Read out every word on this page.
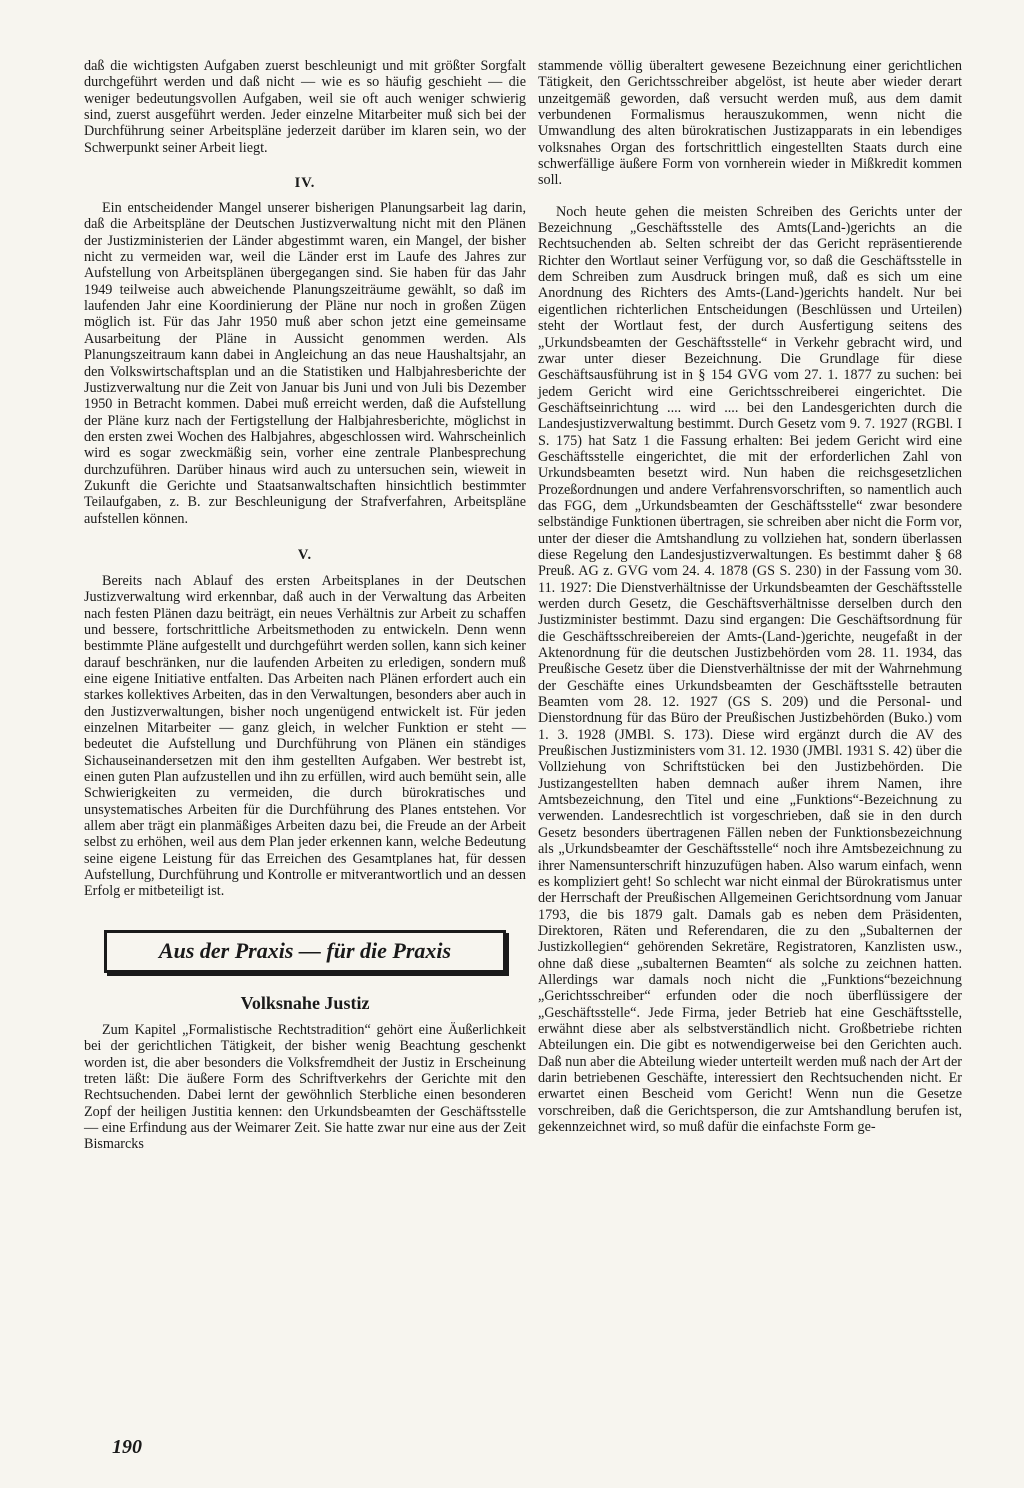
daß die wichtigsten Aufgaben zuerst beschleunigt und mit größter Sorgfalt durchgeführt werden und daß nicht — wie es so häufig geschieht — die weniger bedeutungsvollen Aufgaben, weil sie oft auch weniger schwierig sind, zuerst ausgeführt werden. Jeder einzelne Mitarbeiter muß sich bei der Durchführung seiner Arbeitspläne jederzeit darüber im klaren sein, wo der Schwerpunkt seiner Arbeit liegt.

IV.

Ein entscheidender Mangel unserer bisherigen Planungsarbeit lag darin, daß die Arbeitspläne der Deutschen Justizverwaltung nicht mit den Plänen der Justizministerien der Länder abgestimmt waren, ein Mangel, der bisher nicht zu vermeiden war, weil die Länder erst im Laufe des Jahres zur Aufstellung von Arbeitsplänen übergegangen sind. Sie haben für das Jahr 1949 teilweise auch abweichende Planungszeiträume gewählt, so daß im laufenden Jahr eine Koordinierung der Pläne nur noch in großen Zügen möglich ist. Für das Jahr 1950 muß aber schon jetzt eine gemeinsame Ausarbeitung der Pläne in Aussicht genommen werden. Als Planungszeitraum kann dabei in Angleichung an das neue Haushaltsjahr, an den Volkswirtschaftsplan und an die Statistiken und Halbjahresberichte der Justizverwaltung nur die Zeit von Januar bis Juni und von Juli bis Dezember 1950 in Betracht kommen. Dabei muß erreicht werden, daß die Aufstellung der Pläne kurz nach der Fertigstellung der Halbjahresberichte, möglichst in den ersten zwei Wochen des Halbjahres, abgeschlossen wird. Wahrscheinlich wird es sogar zweckmäßig sein, vorher eine zentrale Planbesprechung durchzuführen. Darüber hinaus wird auch zu untersuchen sein, wieweit in Zukunft die Gerichte und Staatsanwaltschaften hinsichtlich bestimmter Teilaufgaben, z. B. zur Beschleunigung der Strafverfahren, Arbeitspläne aufstellen können.

V.

Bereits nach Ablauf des ersten Arbeitsplanes in der Deutschen Justizverwaltung wird erkennbar, daß auch in der Verwaltung das Arbeiten nach festen Plänen dazu beiträgt, ein neues Verhältnis zur Arbeit zu schaffen und bessere, fortschrittliche Arbeitsmethoden zu entwickeln. Denn wenn bestimmte Pläne aufgestellt und durchgeführt werden sollen, kann sich keiner darauf beschränken, nur die laufenden Arbeiten zu erledigen, sondern muß eine eigene Initiative entfalten. Das Arbeiten nach Plänen erfordert auch ein starkes kollektives Arbeiten, das in den Verwaltungen, besonders aber auch in den Justizverwaltungen, bisher noch ungenügend entwickelt ist. Für jeden einzelnen Mitarbeiter — ganz gleich, in welcher Funktion er steht — bedeutet die Aufstellung und Durchführung von Plänen ein ständiges Sichauseinandersetzen mit den ihm gestellten Aufgaben. Wer bestrebt ist, einen guten Plan aufzustellen und ihn zu erfüllen, wird auch bemüht sein, alle Schwierigkeiten zu vermeiden, die durch bürokratisches und unsystematisches Arbeiten für die Durchführung des Planes entstehen. Vor allem aber trägt ein planmäßiges Arbeiten dazu bei, die Freude an der Arbeit selbst zu erhöhen, weil aus dem Plan jeder erkennen kann, welche Bedeutung seine eigene Leistung für das Erreichen des Gesamtplanes hat, für dessen Aufstellung, Durchführung und Kontrolle er mitverantwortlich und an dessen Erfolg er mitbeteiligt ist.

Aus der Praxis — für die Praxis

Volksnahe Justiz

Zum Kapitel „Formalistische Rechtstradition“ gehört eine Äußerlichkeit bei der gerichtlichen Tätigkeit, der bisher wenig Beachtung geschenkt worden ist, die aber besonders die Volksfremdheit der Justiz in Erscheinung treten läßt: Die äußere Form des Schriftverkehrs der Gerichte mit den Rechtsuchenden. Dabei lernt der gewöhnlich Sterbliche einen besonderen Zopf der heiligen Justitia kennen: den Urkundsbeamten der Geschäftsstelle — eine Erfindung aus der Weimarer Zeit. Sie hatte zwar nur eine aus der Zeit Bismarcks

stammende völlig überaltert gewesene Bezeichnung einer gerichtlichen Tätigkeit, den Gerichtsschreiber abgelöst, ist heute aber wieder derart unzeitgemäß geworden, daß versucht werden muß, aus dem damit verbundenen Formalismus herauszukommen, wenn nicht die Umwandlung des alten bürokratischen Justizapparats in ein lebendiges volksnahes Organ des fortschrittlich eingestellten Staats durch eine schwerfällige äußere Form von vornherein wieder in Mißkredit kommen soll.

Noch heute gehen die meisten Schreiben des Gerichts unter der Bezeichnung „Geschäftsstelle des Amts(Land-)gerichts an die Rechtsuchenden ab. Selten schreibt der das Gericht repräsentierende Richter den Wortlaut seiner Verfügung vor, so daß die Geschäftsstelle in dem Schreiben zum Ausdruck bringen muß, daß es sich um eine Anordnung des Richters des Amts-(Land-)gerichts handelt. Nur bei eigentlichen richterlichen Entscheidungen (Beschlüssen und Urteilen) steht der Wortlaut fest, der durch Ausfertigung seitens des „Urkundsbeamten der Geschäftsstelle“ in Verkehr gebracht wird, und zwar unter dieser Bezeichnung. Die Grundlage für diese Geschäftsausführung ist in § 154 GVG vom 27. 1. 1877 zu suchen: bei jedem Gericht wird eine Gerichtsschreiberei eingerichtet. Die Geschäftseinrichtung .... wird .... bei den Landesgerichten durch die Landesjustizverwaltung bestimmt. Durch Gesetz vom 9. 7. 1927 (RGBl. I S. 175) hat Satz 1 die Fassung erhalten: Bei jedem Gericht wird eine Geschäftsstelle eingerichtet, die mit der erforderlichen Zahl von Urkundsbeamten besetzt wird. Nun haben die reichsgesetzlichen Prozeßordnungen und andere Verfahrensvorschriften, so namentlich auch das FGG, dem „Urkundsbeamten der Geschäftsstelle“ zwar besondere selbständige Funktionen übertragen, sie schreiben aber nicht die Form vor, unter der dieser die Amtshandlung zu vollziehen hat, sondern überlassen diese Regelung den Landesjustizverwaltungen. Es bestimmt daher § 68 Preuß. AG z. GVG vom 24. 4. 1878 (GS S. 230) in der Fassung vom 30. 11. 1927: Die Dienstverhältnisse der Urkundsbeamten der Geschäftsstelle werden durch Gesetz, die Geschäftsverhältnisse derselben durch den Justizminister bestimmt. Dazu sind ergangen: Die Geschäftsordnung für die Geschäftsschreibereien der Amts-(Land-)gerichte, neugefaßt in der Aktenordnung für die deutschen Justizbehörden vom 28. 11. 1934, das Preußische Gesetz über die Dienstverhältnisse der mit der Wahrnehmung der Geschäfte eines Urkundsbeamten der Geschäftsstelle betrauten Beamten vom 28. 12. 1927 (GS S. 209) und die Personal- und Dienstordnung für das Büro der Preußischen Justizbehörden (Buko.) vom 1. 3. 1928 (JMBl. S. 173). Diese wird ergänzt durch die AV des Preußischen Justizministers vom 31. 12. 1930 (JMBl. 1931 S. 42) über die Vollziehung von Schriftstücken bei den Justizbehörden. Die Justizangestellten haben demnach außer ihrem Namen, ihre Amtsbezeichnung, den Titel und eine „Funktions“-Bezeichnung zu verwenden. Landesrechtlich ist vorgeschrieben, daß sie in den durch Gesetz besonders übertragenen Fällen neben der Funktionsbezeichnung als „Urkundsbeamter der Geschäftsstelle“ noch ihre Amtsbezeichnung zu ihrer Namensunterschrift hinzuzufügen haben. Also warum einfach, wenn es kompliziert geht! So schlecht war nicht einmal der Bürokratismus unter der Herrschaft der Preußischen Allgemeinen Gerichtsordnung vom Januar 1793, die bis 1879 galt. Damals gab es neben dem Präsidenten, Direktoren, Räten und Referendaren, die zu den „Subalternen der Justizkollegien“ gehörenden Sekretäre, Registratoren, Kanzlisten usw., ohne daß diese „subalternen Beamten“ als solche zu zeichnen hatten. Allerdings war damals noch nicht die „Funktions“bezeichnung „Gerichtsschreiber“ erfunden oder die noch überflüssigere der „Geschäftsstelle“. Jede Firma, jeder Betrieb hat eine Geschäftsstelle, erwähnt diese aber als selbstverständlich nicht. Großbetriebe richten Abteilungen ein. Die gibt es notwendigerweise bei den Gerichten auch. Daß nun aber die Abteilung wieder unterteilt werden muß nach der Art der darin betriebenen Geschäfte, interessiert den Rechtsuchenden nicht. Er erwartet einen Bescheid vom Gericht! Wenn nun die Gesetze vorschreiben, daß die Gerichtsperson, die zur Amtshandlung berufen ist, gekennzeichnet wird, so muß dafür die einfachste Form ge-

190
